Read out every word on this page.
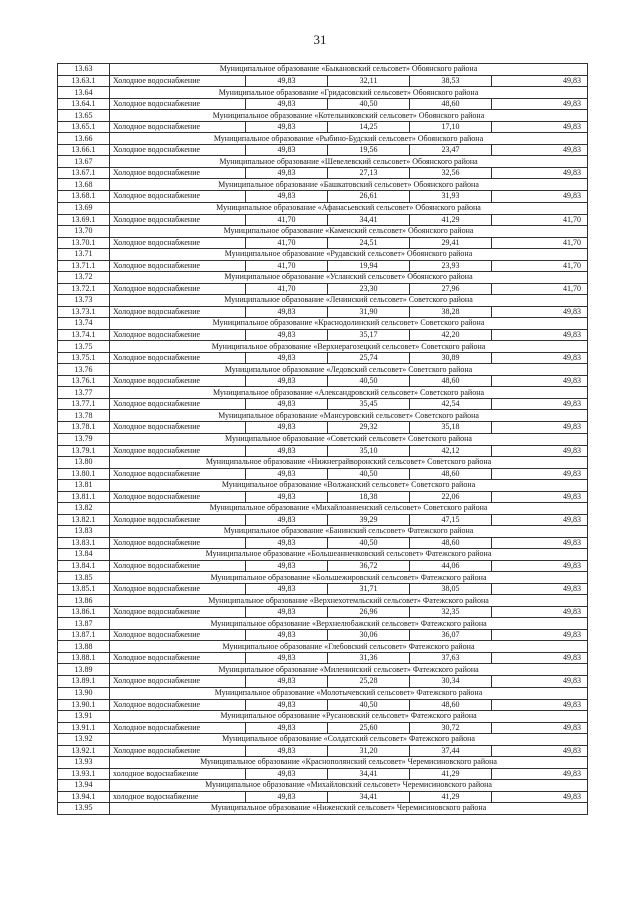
31
13.63	Муниципальное образование «Быкановский сельсовет» Обоянского района				
13.63.1	Холодное водоснабжение	49,83	32,11	38,53	49,83
13.64	Муниципальное образование «Гридасовский сельсовет» Обоянского района				
13.64.1	Холодное водоснабжение	49,83	40,50	48,60	49,83
13.65	Муниципальное образование «Котельниковский сельсовет» Обоянского района				
13.65.1	Холодное водоснабжение	49,83	14,25	17,10	49,83
13.66	Муниципальное образование «Рыбино-Будский сельсовет» Обоянского района				
13.66.1	Холодное водоснабжение	49,83	19,56	23,47	49,83
13.67	Муниципальное образование «Шевелевский сельсовет» Обоянского района				
13.67.1	Холодное водоснабжение	49,83	27,13	32,56	49,83
13.68	Муниципальное образование «Башкатовский сельсовет» Обоянского района				
13.68.1	Холодное водоснабжение	49,83	26,61	31,93	49,83
13.69	Муниципальное образование «Афанасьевский сельсовет» Обоянского района				
13.69.1	Холодное водоснабжение	41,70	34,41	41,29	41,70
13.70	Муниципальное образование «Каменский сельсовет» Обоянского района				
13.70.1	Холодное водоснабжение	41,70	24,51	29,41	41,70
13.71	Муниципальное образование «Рудавский сельсовет» Обоянского района				
13.71.1	Холодное водоснабжение	41,70	19,94	23,93	41,70
13.72	Муниципальное образование «Усланский сельсовет» Обоянского района				
13.72.1	Холодное водоснабжение	41,70	23,30	27,96	41,70
13.73	Муниципальное образование «Ленинский сельсовет» Советского района				
13.73.1	Холодное водоснабжение	49,83	31,90	38,28	49,83
13.74	Муниципальное образование «Краснодолинский сельсовет» Советского района				
13.74.1	Холодное водоснабжение	49,83	35,17	42,20	49,83
13.75	Муниципальное образование «Верхнерагозецкий сельсовет» Советского района				
13.75.1	Холодное водоснабжение	49,83	25,74	30,89	49,83
13.76	Муниципальное образование «Ледовский сельсовет» Советского района				
13.76.1	Холодное водоснабжение	49,83	40,50	48,60	49,83
13.77	Муниципальное образование «Александровский сельсовет» Советского района				
13.77.1	Холодное водоснабжение	49,83	35,45	42,54	49,83
13.78	Муниципальное образование «Мансуровский сельсовет» Советского района				
13.78.1	Холодное водоснабжение	49,83	29,32	35,18	49,83
13.79	Муниципальное образование «Советский сельсовет» Советского района				
13.79.1	Холодное водоснабжение	49,83	35,10	42,12	49,83
13.80	Муниципальное образование «Нижнеграйворонский сельсовет» Советского района				
13.80.1	Холодное водоснабжение	49,83	40,50	48,60	49,83
13.81	Муниципальное образование «Волжанский сельсовет» Советского района				
13.81.1	Холодное водоснабжение	49,83	18,38	22,06	49,83
13.82	Муниципальное образование «Михайлоанненский сельсовет» Советского района				
13.82.1	Холодное водоснабжение	49,83	39,29	47,15	49,83
13.83	Муниципальное образование «Банинский сельсовет» Фатежского района				
13.83.1	Холодное водоснабжение	49,83	40,50	48,60	49,83
13.84	Муниципальное образование «Большеанненковский сельсовет» Фатежского района				
13.84.1	Холодное водоснабжение	49,83	36,72	44,06	49,83
13.85	Муниципальное образование «Большежировский сельсовет» Фатежского района				
13.85.1	Холодное водоснабжение	49,83	31,71	38,05	49,83
13.86	Муниципальное образование «Верхнехотемльский сельсовет» Фатежского района				
13.86.1	Холодное водоснабжение	49,83	26,96	32,35	49,83
13.87	Муниципальное образование «Верхнелюбажский сельсовет» Фатежского района				
13.87.1	Холодное водоснабжение	49,83	30,06	36,07	49,83
13.88	Муниципальное образование «Глебовский сельсовет» Фатежского района				
13.88.1	Холодное водоснабжение	49,83	31,36	37,63	49,83
13.89	Муниципальное образование «Миленинский сельсовет» Фатежского района				
13.89.1	Холодное водоснабжение	49,83	25,28	30,34	49,83
13.90	Муниципальное образование «Молотычевский сельсовет» Фатежского района				
13.90.1	Холодное водоснабжение	49,83	40,50	48,60	49,83
13.91	Муниципальное образование «Русановский сельсовет» Фатежского района				
13.91.1	Холодное водоснабжение	49,83	25,60	30,72	49,83
13.92	Муниципальное образование «Солдатский сельсовет» Фатежского района				
13.92.1	Холодное водоснабжение	49,83	31,20	37,44	49,83
13.93	Муниципальное образование «Краснополянский сельсовет» Черемисиновского района				
13.93.1	холодное водоснабжение	49,83	34,41	41,29	49,83
13.94	Муниципальное образование «Михайловский сельсовет» Черемисиновского района				
13.94.1	холодное водоснабжение	49,83	34,41	41,29	49,83
13.95	Муниципальное образование «Ниженский сельсовет» Черемисиновского района				
